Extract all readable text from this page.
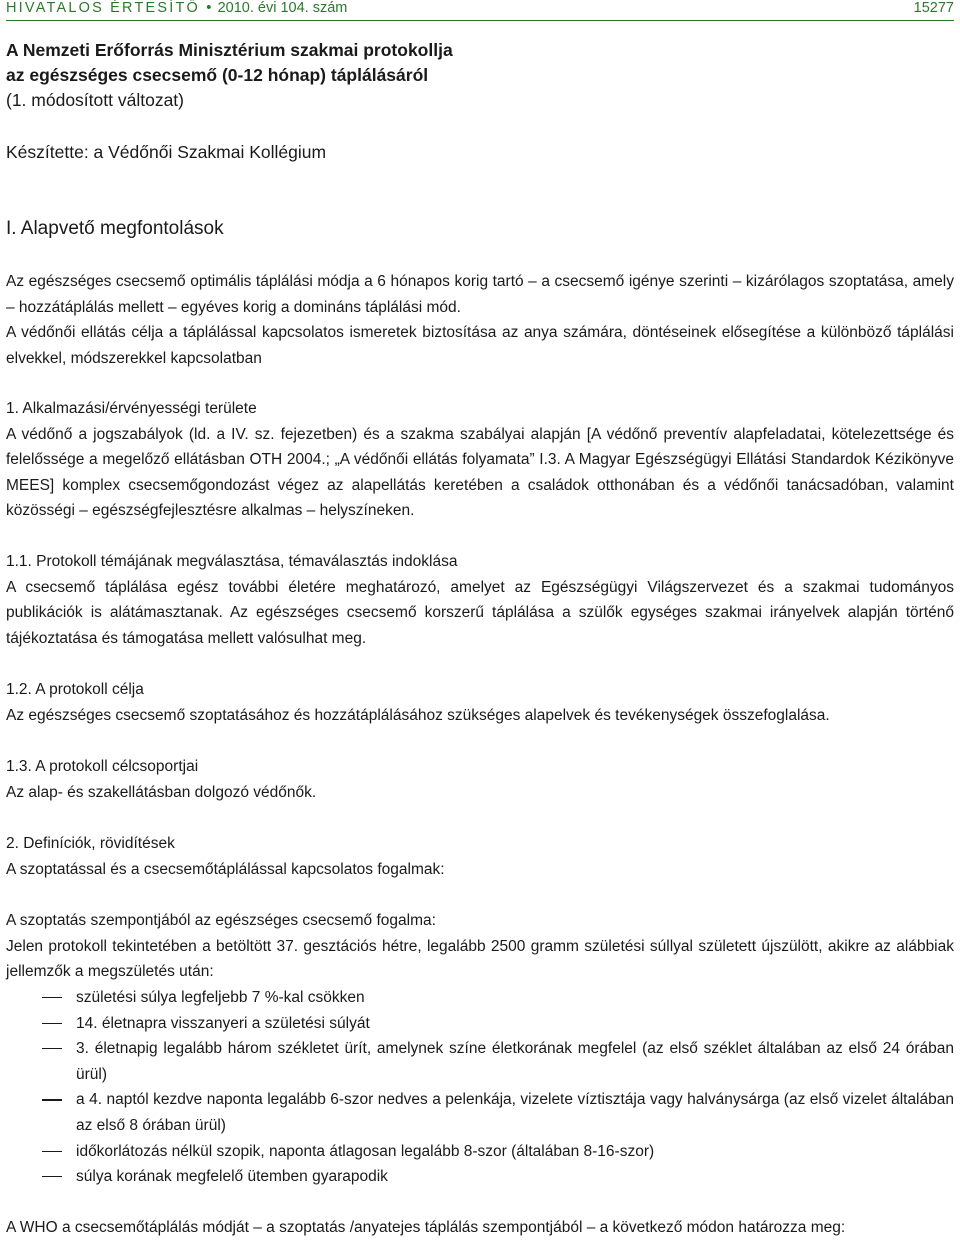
HIVATALOS ÉRTESÍTŐ • 2010. évi 104. szám	15277
A Nemzeti Erőforrás Minisztérium szakmai protokollja
az egészséges csecsemő (0-12 hónap) táplálásáról
(1. módosított változat)
Készítette: a Védőnői Szakmai Kollégium
I. Alapvető megfontolások

Az egészséges csecsemő optimális táplálási módja a 6 hónapos korig tartó – a csecsemő igénye szerinti – kizárólagos szoptatása, amely – hozzátáplálás mellett – egyéves korig a domináns táplálási mód.

A védőnői ellátás célja a táplálással kapcsolatos ismeretek biztosítása az anya számára, döntéseinek elősegítése a különböző táplálási elvekkel, módszerekkel kapcsolatban

1. Alkalmazási/érvényességi területe

A védőnő a jogszabályok (ld. a IV. sz. fejezetben) és a szakma szabályai alapján [A védőnő preventív alapfeladatai, kötelezettsége és felelőssége a megelőző ellátásban OTH 2004.; „A védőnői ellátás folyamata” I.3. A Magyar Egészségügyi Ellátási Standardok Kézikönyve MEES] komplex csecsemőgondozást végez az alapellátás keretében a családok otthonában és a védőnői tanácsadóban, valamint közösségi – egészségfejlesztésre alkalmas – helyszíneken.

1.1. Protokoll témájának megválasztása, témaválasztás indoklása

A csecsemő táplálása egész további életére meghatározó, amelyet az Egészségügyi Világszervezet és a szakmai tudományos publikációk is alátámasztanak. Az egészséges csecsemő korszerű táplálása a szülők egységes szakmai irányelvek alapján történő tájékoztatása és támogatása mellett valósulhat meg.

1.2. A protokoll célja

Az egészséges csecsemő szoptatásához és hozzátáplálásához szükséges alapelvek és tevékenységek összefoglalása.

1.3. A protokoll célcsoportjai

Az alap- és szakellátásban dolgozó védőnők.

2. Definíciók, rövidítések

A szoptatással és a csecsemőtáplálással kapcsolatos fogalmak:

A szoptatás szempontjából az egészséges csecsemő fogalma:

Jelen protokoll tekintetében a betöltött 37. gesztációs hétre, legalább 2500 gramm születési súllyal született újszülött, akikre az alábbiak jellemzők a megszületés után:

születési súlya legfeljebb 7 %-kal csökken
14. életnapra visszanyeri a születési súlyát
3. életnapig legalább három székletet ürít, amelynek színe életkorának megfelel (az első széklet általában az első 24 órában ürül)
a 4. naptól kezdve naponta legalább 6-szor nedves a pelenkája, vizelete víztisztája vagy halványsárga (az első vizelet általában az első 8 órában ürül)
időkorlátozás nélkül szopik, naponta átlagosan legalább 8-szor (általában 8-16-szor)
súlya korának megfelelő ütemben gyarapodik

A WHO a csecsemőtáplálás módját – a szoptatás /anyatejes táplálás szempontjából – a következő módon határozza meg:
